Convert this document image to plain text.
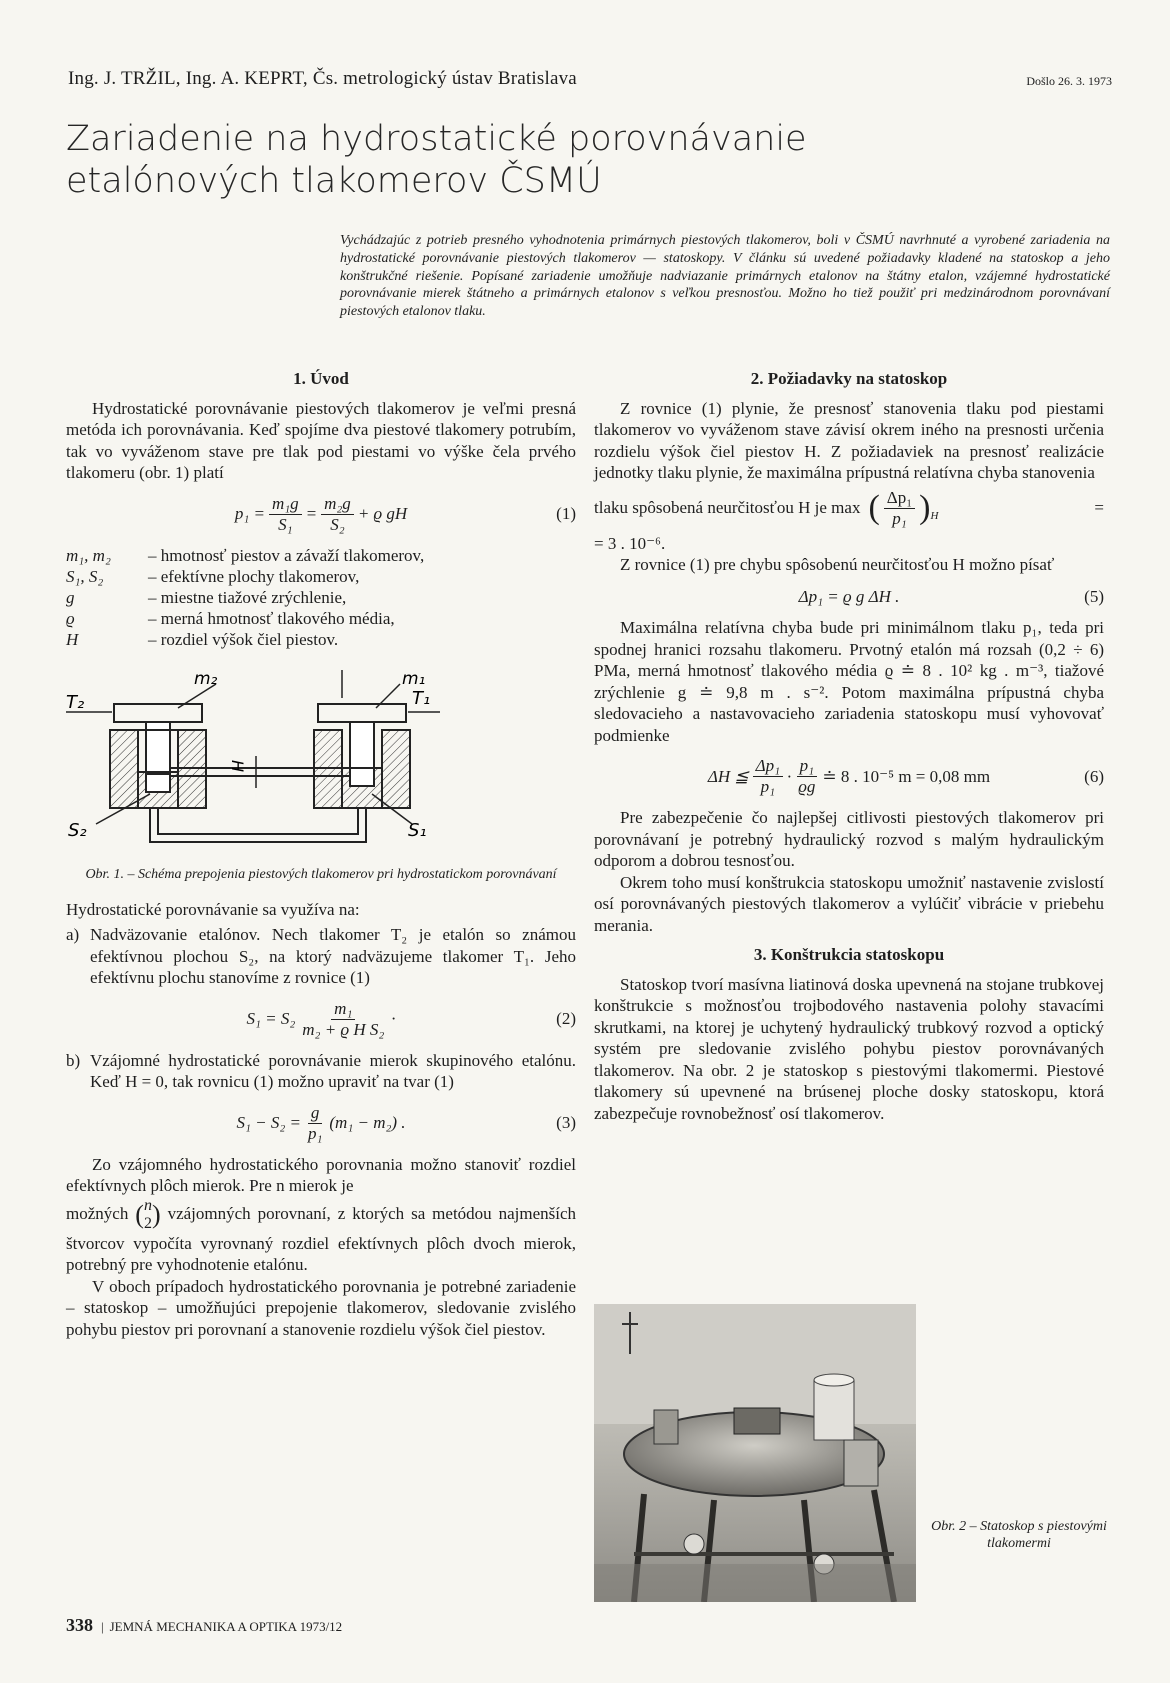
Ing. J. TRŽIL, Ing. A. KEPRT, Čs. metrologický ústav Bratislava	Došlo 26. 3. 1973
Zariadenie na hydrostatické porovnávanie
etalónových tlakomerov ČSMÚ
Vychádzajúc z potrieb presného vyhodnotenia primárnych piestových tlakomerov, boli v ČSMÚ navrhnuté a vyrobené zariadenia na hydrostatické porovnávanie piestových tlakomerov — statoskopy. V článku sú uvedené požiadavky kladené na statoskop a jeho konštrukčné riešenie. Popísané zariadenie umožňuje nadviazanie primárnych etalonov na štátny etalon, vzájemné hydrostatické porovnávanie mierek štátneho a primárnych etalonov s veľkou presnosťou. Možno ho tiež použiť pri medzinárodnom porovnávaní piestových etalonov tlaku.
1. Úvod

Hydrostatické porovnávanie piestových tlakomerov je veľmi presná metóda ich porovnávania. Keď spojíme dva piestové tlakomery potrubím, tak vo vyváženom stave pre tlak pod piestami vo výške čela prvého tlakomeru (obr. 1) platí

$p_1 = \frac{\text{m₁g}}{\text{S₁}} = \frac{\text{m₂g}}{\text{S₂}} + ϱ$ gH	(1)
m₁, m₂	– hmotnosť piestov a závaží tlakomerov,
S₁, S₂	– efektívne plochy tlakomerov,
g	– miestne tiažové zrýchlenie,
ϱ	– merná hmotnosť tlakového média,
H	– rozdiel výšok čiel piestov.
H
m₂	m₁
T₂	T₁
S₂	S₁
Obr. 1. – Schéma prepojenia piestových tlakomerov pri hydrostatickom porovnávaní

Hydrostatické porovnávanie sa využíva na:

a) Nadväzovanie etalónov. Nech tlakomer T₂ je etalón so známou efektívnou plochou S₂, na ktorý nadväzujeme tlakomer T₁. Jeho efektívnu plochu stanovíme z rovnice (1)
$S_1 = S_2 \frac{\text{m₁}}{\text{m₂ + ϱ H S₂}}$ ·	(2)
b) Vzájomné hydrostatické porovnávanie mierok skupinového etalónu. Keď H = 0, tak rovnicu (1) možno upraviť na tvar (1)
$S_1 - S_2 = \frac{g}{\text{p₁}} (m_1 - m_2)$ .	(3)

Zo vzájomného hydrostatického porovnania možno stanoviť rozdiel efektívnych plôch mierok. Pre n mierok je

možných ( n
2 ) vzájomných porovnaní, z ktorých sa metódou najmenších štvorcov vypočíta vyrovnaný rozdiel efektívnych plôch dvoch mierok, potrebný pre vyhodnotenie etalónu.

V oboch prípadoch hydrostatického porovnania je potrebné zariadenie – statoskop – umožňujúci prepojenie tlakomerov, sledovanie zvislého pohybu piestov pri porovnaní a stanovenie rozdielu výšok čiel piestov.

2. Požiadavky na statoskop

Z rovnice (1) plynie, že presnosť stanovenia tlaku pod piestami tlakomerov vo vyváženom stave závisí okrem iného na presnosti určenia rozdielu výšok čiel piestov H. Z požiadaviek na presnosť realizácie jednotky tlaku plynie, že maximálna prípustná relatívna chyba stanovenia

tlaku spôsobená neurčitosťou H je max ( $\frac{\text{Δp₁}}{\text{p₁}} )_H$	=

= 3 . 10⁻⁶.

Z rovnice (1) pre chybu spôsobenú neurčitosťou H možno písať

Δp₁ = ϱ g ΔH .	(5)

Maximálna relatívna chyba bude pri minimálnom tlaku p₁, teda pri spodnej hranici rozsahu tlakomeru. Prvotný etalón má rozsah (0,2 ÷ 6) PMa, merná hmotnosť tlakového média ϱ ≐ 8 . 10² kg . m⁻³, tiažové zrýchlenie g ≐ 9,8 m . s⁻². Potom maximálna prípustná chyba sledovacieho a nastavovacieho zariadenia statoskopu musí vyhovovať podmienke

ΔH ≦ $\frac{\text{Δp₁}}{\text{p₁}} \cdot \frac{\text{p₁}}{ϱg}$ ≐ 8 . 10⁻⁵ m = 0,08 mm	(6)

Pre zabezpečenie čo najlepšej citlivosti piestových tlakomerov pri porovnávaní je potrebný hydraulický rozvod s malým hydraulickým odporom a dobrou tesnosťou.

Okrem toho musí konštrukcia statoskopu umožniť nastavenie zvislostí osí porovnávaných piestových tlakomerov a vylúčiť vibrácie v priebehu merania.

3. Konštrukcia statoskopu

Statoskop tvorí masívna liatinová doska upevnená na stojane trubkovej konštrukcie s možnosťou trojbodového nastavenia polohy stavacími skrutkami, na ktorej je uchytený hydraulický trubkový rozvod a optický systém pre sledovanie zvislého pohybu piestov porovnávaných tlakomerov. Na obr. 2 je statoskop s piestovými tlakomermi. Piestové tlakomery sú upevnené na brúsenej ploche dosky statoskopu, ktorá zabezpečuje rovnobežnosť osí tlakomerov.

Obr. 2 – Statoskop s piestovými tlakomermi
338 | JEMNÁ MECHANIKA A OPTIKA 1973/12
